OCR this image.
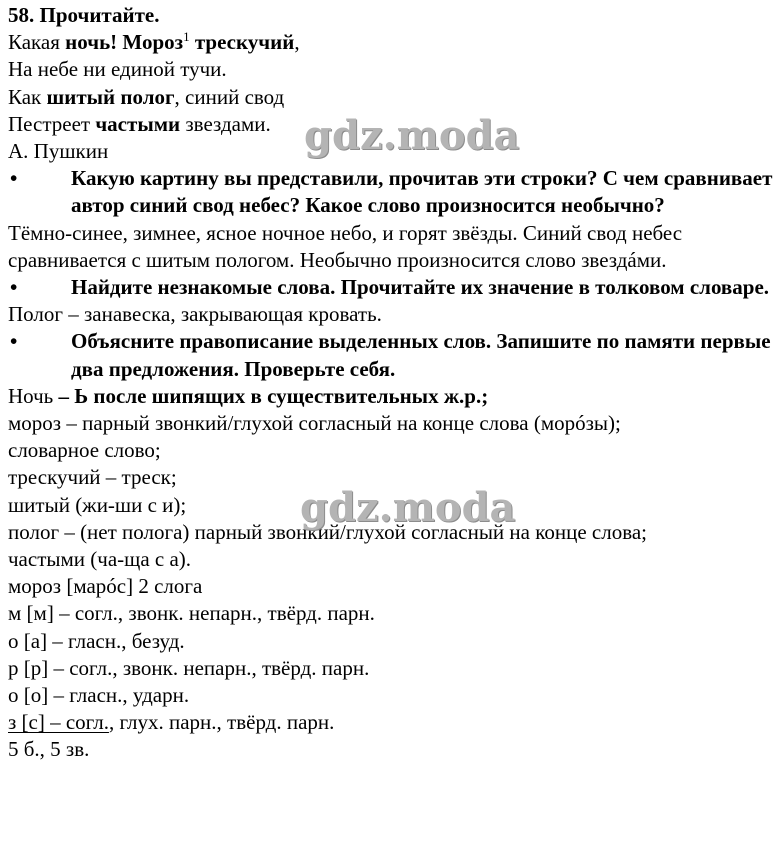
58. Прочитайте.
Какая ночь! Мороз$^1$ трескучий,
На небе ни единой тучи.
Как шитый полог, синий свод
Пестреет частыми звездами.
А. Пушкин
•	Какую картину вы представили, прочитав эти строки? С чем сравнивает автор синий свод небес? Какое слово произносится необычно?
Тёмно-синее, зимнее, ясное ночное небо, и горят звёзды. Синий свод небес сравнивается с шитым пологом. Необычно произносится слово звездáми.
•	Найдите незнакомые слова. Прочитайте их значение в толковом словаре.
Полог – занавеска, закрывающая кровать.
•	Объясните правописание выделенных слов. Запишите по памяти первые два предложения. Проверьте себя.
Ночь – Ь после шипящих в существительных ж.р.;
мороз – парный звонкий/глухой согласный на конце слова (морóзы);
словарное слово;
трескучий – треск;
шитый (жи-ши с и);
полог – (нет полога) парный звонкий/глухой согласный на конце слова;
частыми (ча-ща с а).
мороз [марóс] 2 слога
м [м] – согл., звонк. непарн., твёрд. парн.
о [а] – гласн., безуд.
р [р] – согл., звонк. непарн., твёрд. парн.
о [о] – гласн., ударн.
з [с] – согл., глух. парн., твёрд. парн.
5 б., 5 зв.
gdz.moda
gdz.moda
